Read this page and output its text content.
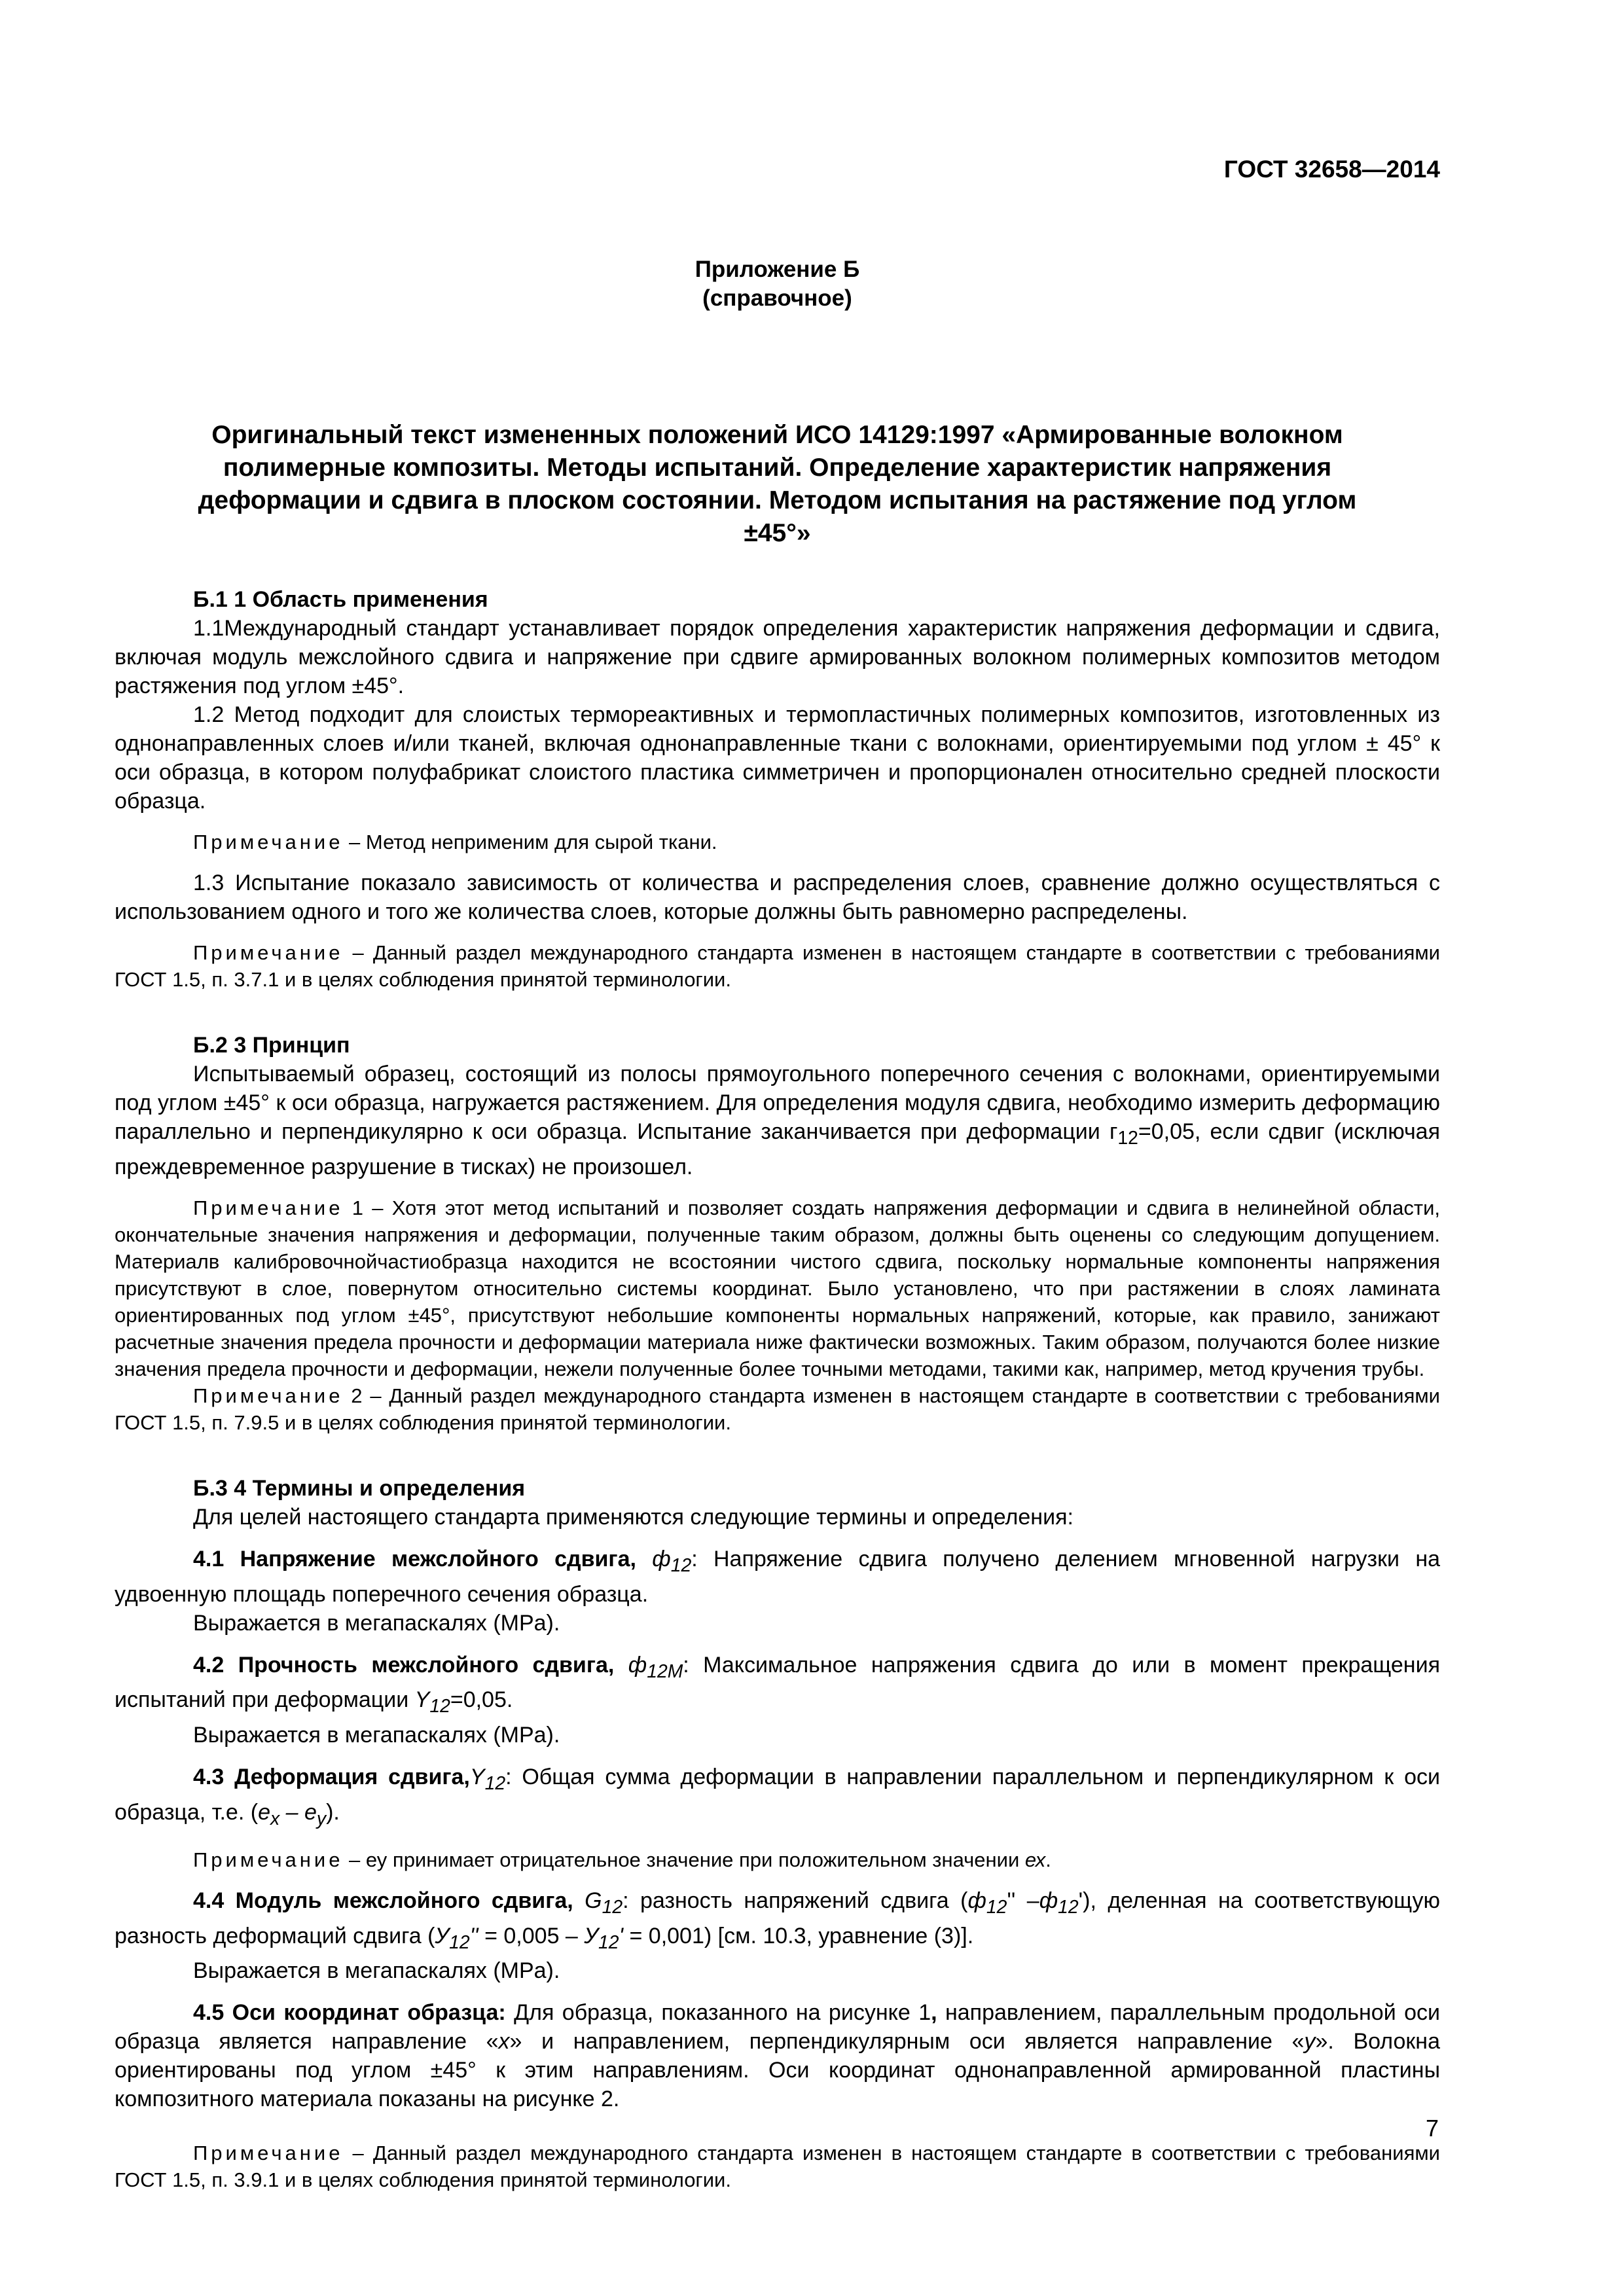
ГОСТ 32658—2014

Приложение Б

(справочное)

Оригинальный текст измененных положений ИСО 14129:1997 «Армированные волокном полимерные композиты. Методы испытаний. Определение характеристик напряжения деформации и сдвига в плоском состоянии. Методом испытания на растяжение под углом ±45°»
Б.1 1 Область применения

1.1Международный стандарт устанавливает порядок определения характеристик напряжения деформации и сдвига, включая модуль межслойного сдвига и напряжение при сдвиге армированных волокном полимерных композитов методом растяжения под углом ±45°.

1.2 Метод подходит для слоистых термореактивных и термопластичных полимерных композитов, изготовленных из однонаправленных слоев и/или тканей, включая однонаправленные ткани с волокнами, ориентируемыми под углом ± 45° к оси образца, в котором полуфабрикат слоистого пластика симметричен и пропорционален относительно средней плоскости образца.

Примечание – Метод неприменим для сырой ткани.

1.3 Испытание показало зависимость от количества и распределения слоев, сравнение должно осуществляться с использованием одного и того же количества слоев, которые должны быть равномерно распределены.

Примечание – Данный раздел международного стандарта изменен в настоящем стандарте в соответствии с требованиями ГОСТ 1.5, п. 3.7.1 и в целях соблюдения принятой терминологии.

Б.2 3 Принцип

Испытываемый образец, состоящий из полосы прямоугольного поперечного сечения с волокнами, ориентируемыми под углом ±45° к оси образца, нагружается растяжением. Для определения модуля сдвига, необходимо измерить деформацию параллельно и перпендикулярно к оси образца. Испытание заканчивается при деформации $г_{12}=0,05$, если сдвиг (исключая преждевременное разрушение в тисках) не произошел.

Примечание 1 – Хотя этот метод испытаний и позволяет создать напряжения деформации и сдвига в нелинейной области, окончательные значения напряжения и деформации, полученные таким образом, должны быть оценены со следующим допущением. Материалв калибровочнойчастиобразца находится не всостоянии чистого сдвига, поскольку нормальные компоненты напряжения присутствуют в слое, повернутом относительно системы координат. Было установлено, что при растяжении в слоях ламината ориентированных под углом ±45°, присутствуют небольшие компоненты нормальных напряжений, которые, как правило, занижают расчетные значения предела прочности и деформации материала ниже фактически возможных. Таким образом, получаются более низкие значения предела прочности и деформации, нежели полученные более точными методами, такими как, например, метод кручения трубы.

Примечание 2 – Данный раздел международного стандарта изменен в настоящем стандарте в соответствии с требованиями ГОСТ 1.5, п. 7.9.5 и в целях соблюдения принятой терминологии.

Б.3 4 Термины и определения

Для целей настоящего стандарта применяются следующие термины и определения:

4.1 Напряжение межслойного сдвига, $ф_{12}$: Напряжение сдвига получено делением мгновенной нагрузки на удвоенную площадь поперечного сечения образца.

Выражается в мегапаскалях (МPа).

4.2 Прочность межслойного сдвига, $ф_{12М}$: Максимальное напряжения сдвига до или в момент прекращения испытаний при деформации $Y_{12}=0,05$.

Выражается в мегапаскалях (МPа).

4.3 Деформация $сдвига,Y_{12}$: Общая сумма деформации в направлении параллельном и перпендикулярном к оси образца, т.е. $(е_x - е_y)$.

Примечание – еу принимает отрицательное значение при положительном значении ех.

4.4 Модуль межслойного сдвига, $G_{12}$: разность напряжений сдвига ($ф_{12}''$ $-ф_{12}'$), деленная на соответствующую разность деформаций сдвига $(У_{12}'' = 0,005 - У_{12}' = 0,001)$ [см. 10.3, уравнение (3)].

Выражается в мегапаскалях (МPа).

4.5 Оси координат образца: Для образца, показанного на рисунке 1, направлением, параллельным продольной оси образца является направление «х» и направлением, перпендикулярным оси является направление «у». Волокна ориентированы под углом ±45° к этим направлениям. Оси координат однонаправленной армированной пластины композитного материала показаны на рисунке 2.

Примечание – Данный раздел международного стандарта изменен в настоящем стандарте в соответствии с требованиями ГОСТ 1.5, п. 3.9.1 и в целях соблюдения принятой терминологии.

7
